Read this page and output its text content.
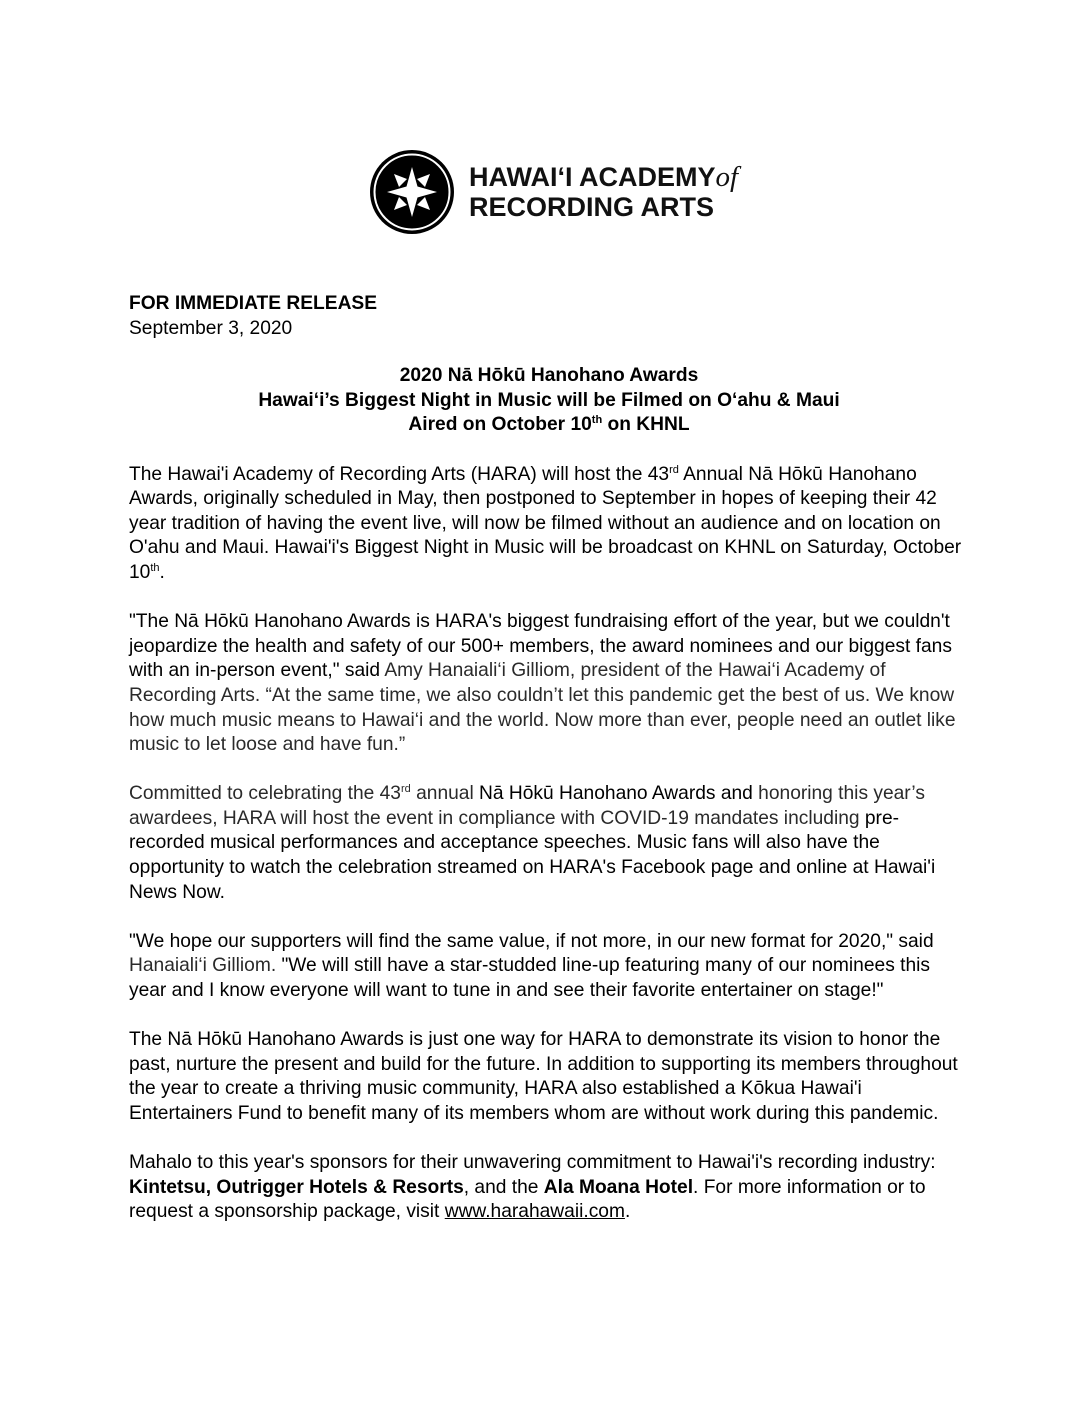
HAWAIʻI ACADEMYof
RECORDING ARTS

FOR IMMEDIATE RELEASE

September 3, 2020

2020 Nā Hōkū Hanohano Awards

Hawai‘i’s Biggest Night in Music will be Filmed on O‘ahu & Maui

Aired on October 10th on KHNL

The Hawai'i Academy of Recording Arts (HARA) will host the 43rd Annual Nā Hōkū Hanohano Awards, originally scheduled in May, then postponed to September in hopes of keeping their 42 year tradition of having the event live, will now be filmed without an audience and on location on O'ahu and Maui. Hawai'i's Biggest Night in Music will be broadcast on KHNL on Saturday, October 10th.

"The Nā Hōkū Hanohano Awards is HARA's biggest fundraising effort of the year, but we couldn't jeopardize the health and safety of our 500+ members, the award nominees and our biggest fans with an in-person event," said Amy Hanaiali‘i Gilliom, president of the Hawai‘i Academy of Recording Arts. “At the same time, we also couldn’t let this pandemic get the best of us. We know how much music means to Hawai‘i and the world. Now more than ever, people need an outlet like music to let loose and have fun.”

Committed to celebrating the 43rd annual Nā Hōkū Hanohano Awards and honoring this year’s awardees, HARA will host the event in compliance with COVID-19 mandates including pre-recorded musical performances and acceptance speeches. Music fans will also have the opportunity to watch the celebration streamed on HARA's Facebook page and online at Hawai'i News Now.

"We hope our supporters will find the same value, if not more, in our new format for 2020," said Hanaiali‘i Gilliom. "We will still have a star-studded line-up featuring many of our nominees this year and I know everyone will want to tune in and see their favorite entertainer on stage!"

The Nā Hōkū Hanohano Awards is just one way for HARA to demonstrate its vision to honor the past, nurture the present and build for the future. In addition to supporting its members throughout the year to create a thriving music community, HARA also established a Kōkua Hawai'i Entertainers Fund to benefit many of its members whom are without work during this pandemic.

Mahalo to this year's sponsors for their unwavering commitment to Hawai'i's recording industry: Kintetsu, Outrigger Hotels & Resorts, and the Ala Moana Hotel. For more information or to request a sponsorship package, visit www.harahawaii.com.
